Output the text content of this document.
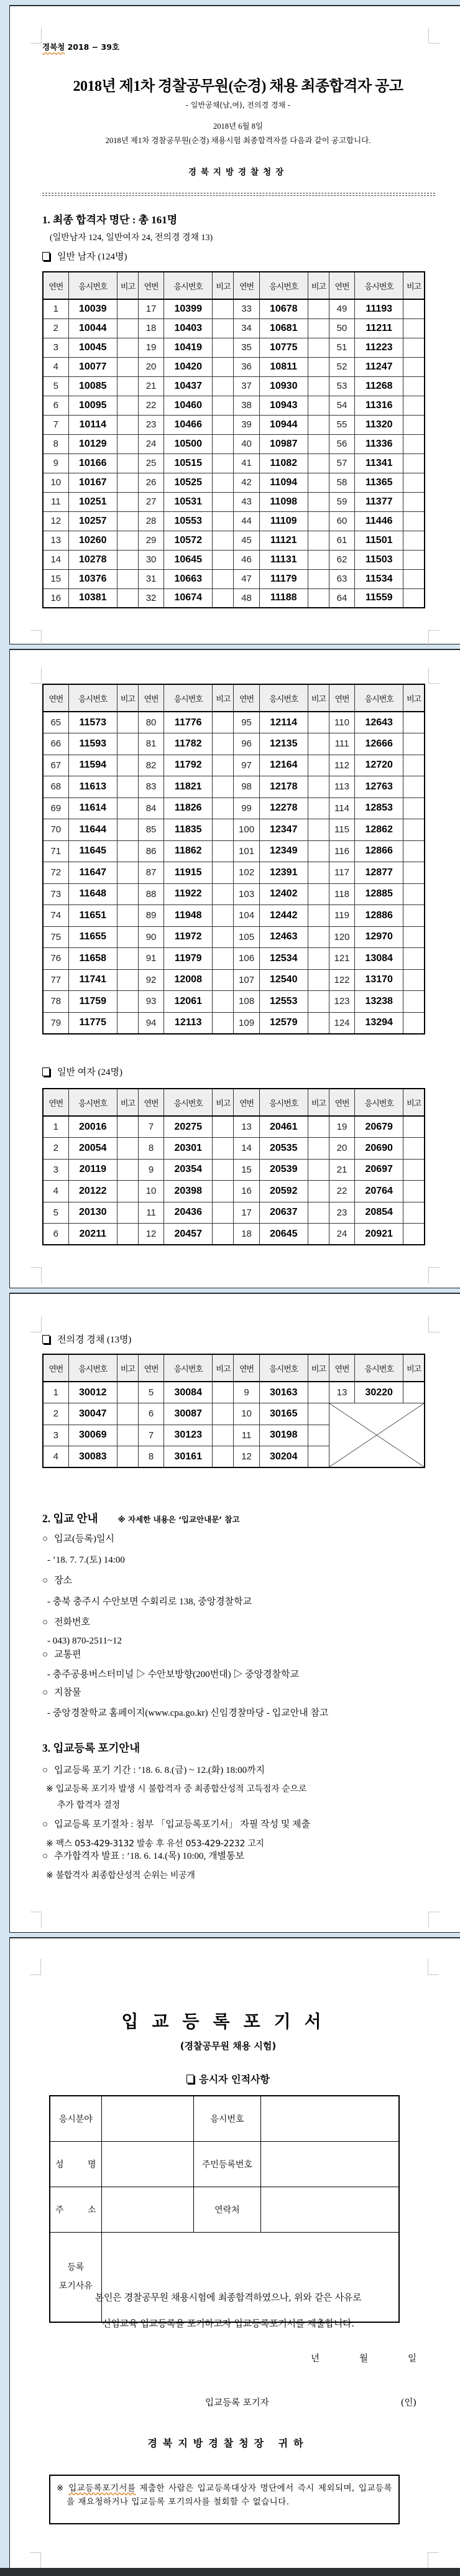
경북청 2018 − 39호
2018년 제1차 경찰공무원(순경) 채용 최종합격자 공고
- 일반공채(남,여), 전의경 경채 -
2018년 6월 8일
2018년 제1차 경찰공무원(순경) 채용시험 최종합격자를 다음과 같이 공고합니다.
경북지방경찰청장
1. 최종 합격자 명단 : 총 161명
(일반남자 124, 일반여자 24, 전의경 경채 13)
일반 남자 (124명)
연번	응시번호	비고	연번	응시번호	비고	연번	응시번호	비고	연번	응시번호	비고
1	10039		17	10399		33	10678		49	11193	
2	10044		18	10403		34	10681		50	11211	
3	10045		19	10419		35	10775		51	11223	
4	10077		20	10420		36	10811		52	11247	
5	10085		21	10437		37	10930		53	11268	
6	10095		22	10460		38	10943		54	11316	
7	10114		23	10466		39	10944		55	11320	
8	10129		24	10500		40	10987		56	11336	
9	10166		25	10515		41	11082		57	11341	
10	10167		26	10525		42	11094		58	11365	
11	10251		27	10531		43	11098		59	11377	
12	10257		28	10553		44	11109		60	11446	
13	10260		29	10572		45	11121		61	11501	
14	10278		30	10645		46	11131		62	11503	
15	10376		31	10663		47	11179		63	11534	
16	10381		32	10674		48	11188		64	11559	
연번	응시번호	비고	연번	응시번호	비고	연번	응시번호	비고	연번	응시번호	비고
65	11573		80	11776		95	12114		110	12643	
66	11593		81	11782		96	12135		111	12666	
67	11594		82	11792		97	12164		112	12720	
68	11613		83	11821		98	12178		113	12763	
69	11614		84	11826		99	12278		114	12853	
70	11644		85	11835		100	12347		115	12862	
71	11645		86	11862		101	12349		116	12866	
72	11647		87	11915		102	12391		117	12877	
73	11648		88	11922		103	12402		118	12885	
74	11651		89	11948		104	12442		119	12886	
75	11655		90	11972		105	12463		120	12970	
76	11658		91	11979		106	12534		121	13084	
77	11741		92	12008		107	12540		122	13170	
78	11759		93	12061		108	12553		123	13238	
79	11775		94	12113		109	12579		124	13294	
일반 여자 (24명)
연번	응시번호	비고	연번	응시번호	비고	연번	응시번호	비고	연번	응시번호	비고
1	20016		7	20275		13	20461		19	20679	
2	20054		8	20301		14	20535		20	20690	
3	20119		9	20354		15	20539		21	20697	
4	20122		10	20398		16	20592		22	20764	
5	20130		11	20436		17	20637		23	20854	
6	20211		12	20457		18	20645		24	20921	
전의경 경채 (13명)
연번	응시번호	비고	연번	응시번호	비고	연번	응시번호	비고	연번	응시번호	비고
1	30012		5	30084		9	30163		13	30220	
2	30047		6	30087		10	30165		

3	30069		7	30123		11	30198				
4	30083		8	30161		12	30204				
2. 입교 안내	※ 자세한 내용은 ‘입교안내문’ 참고
○ 입교(등록)일시
- ’18. 7. 7.(토) 14:00
○ 장소
- 충북 충주시 수안보면 수회리로 138, 중앙경찰학교
○ 전화번호
- 043) 870-2511~12
○ 교통편
- 충주공용버스터미널 ▷ 수안보방향(200번대) ▷ 중앙경찰학교
○ 지참물
- 중앙경찰학교 홈페이지(www.cpa.go.kr) 신임경찰마당 - 입교안내 참고
3. 입교등록 포기안내
○ 입교등록 포기 기간 : ’18. 6. 8.(금) ~ 12.(화) 18:00까지
※ 입교등록 포기자 발생 시 불합격자 중 최종합산성적 고득점자 순으로
추가 합격자 결정
○ 입교등록 포기절차 : 첨부 「입교등록포기서」 자필 작성 및 제출
※ 팩스 053-429-3132 발송 후 유선 053-429-2232 고지
○ 추가합격자 발표 : ’18. 6. 14.(목) 10:00, 개별통보
※ 불합격자 최종합산성적 순위는 비공개
입교등록포기서
(경찰공무원 채용 시험)
응시자 인적사항
응시분야		응시번호	

성 명		주민등록번호	

주 소		연락처	

등록
포기사유			

본인은 경찰공무원 채용시험에 최종합격하였으나, 위와 같은 사유로
신임교육 입교등록을 포기하고자 입교등록포기서를 제출합니다.
년	월	일
입교등록 포기자	(인)
경북지방경찰청장 귀하
※ 입교등록포기서를 제출한 사람은 입교등록대상자 명단에서 즉시 제외되며, 입교등록을 재요청하거나 입교등록 포기의사를 철회할 수 없습니다.
